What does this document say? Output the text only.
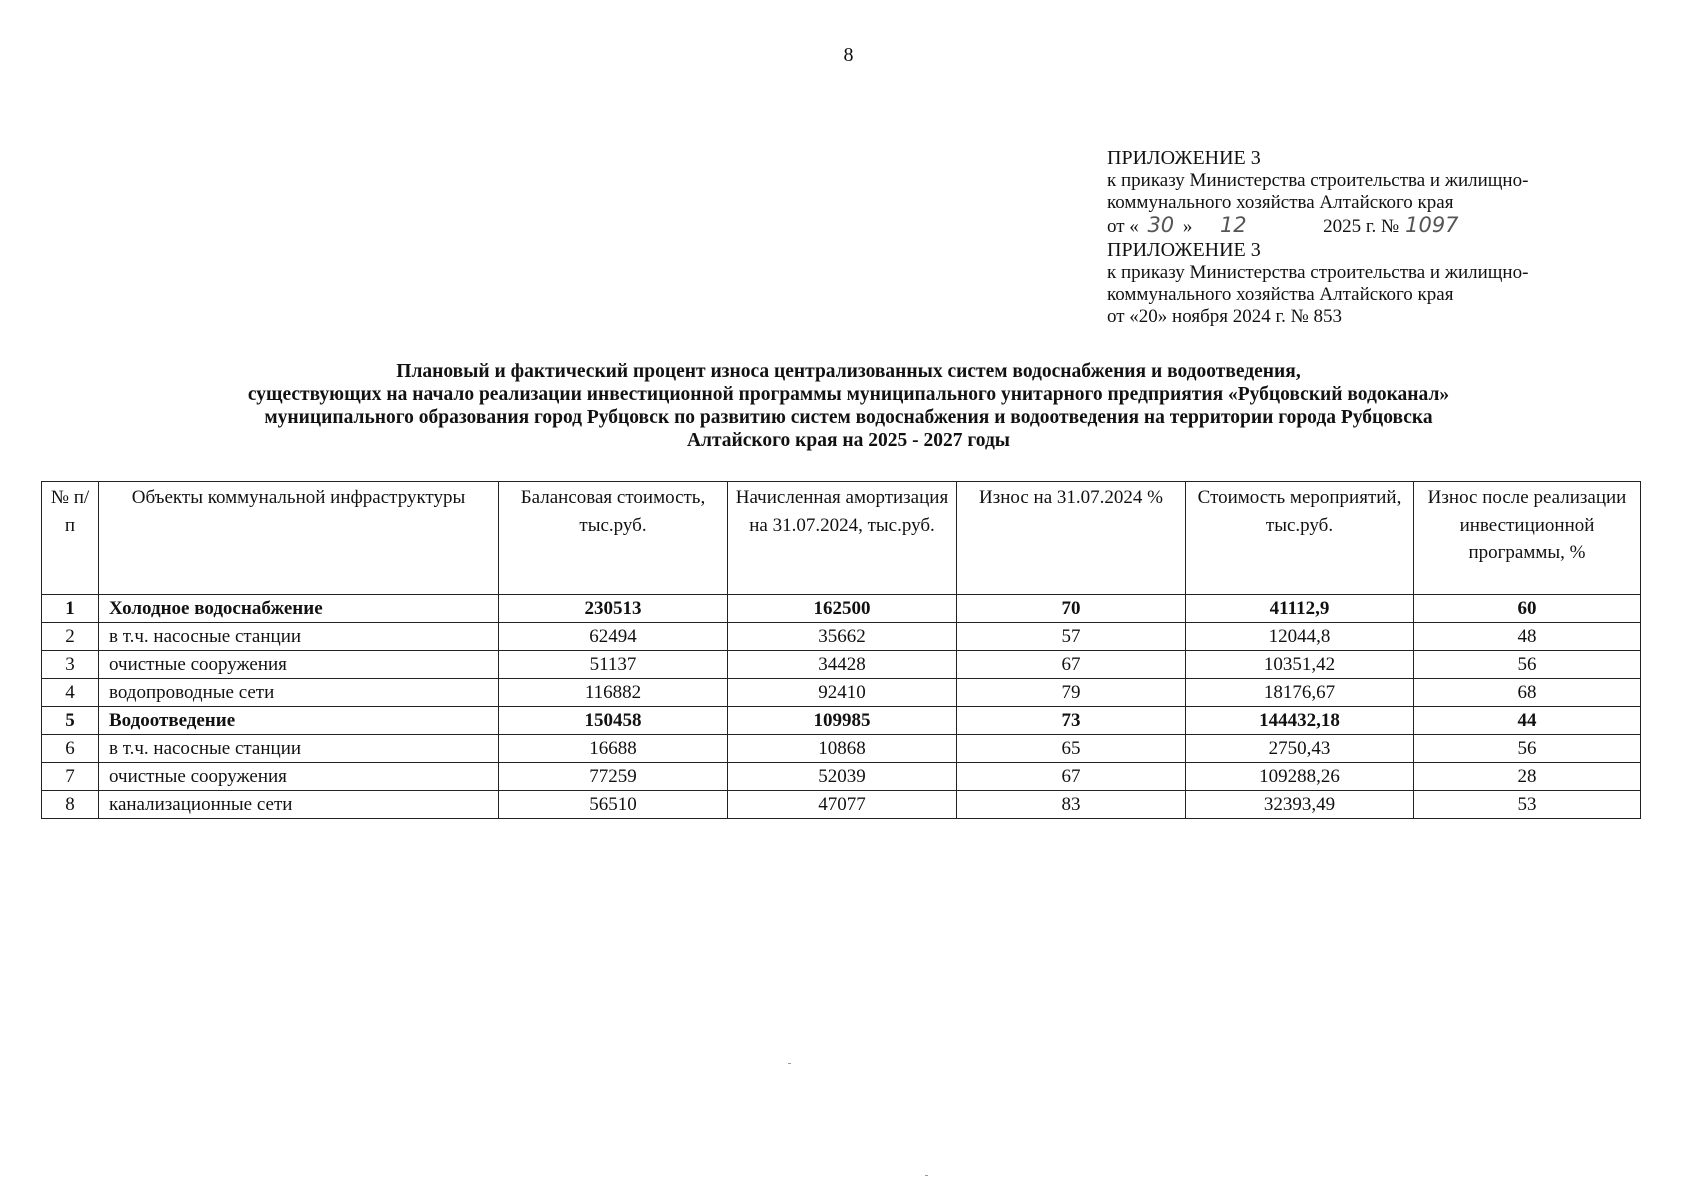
8
ПРИЛОЖЕНИЕ 3
к приказу Министерства строительства и жилищно-
коммунального хозяйства Алтайского края
от « 30 » 12	2025 г. № 1097
ПРИЛОЖЕНИЕ 3
к приказу Министерства строительства и жилищно-
коммунального хозяйства Алтайского края
от «20» ноября 2024 г. № 853
Плановый и фактический процент износа централизованных систем водоснабжения и водоотведения,
существующих на начало реализации инвестиционной программы муниципального унитарного предприятия «Рубцовский водоканал»
муниципального образования город Рубцовск по развитию систем водоснабжения и водоотведения на территории города Рубцовска
Алтайского края на 2025 - 2027 годы
№ п/п	Объекты коммунальной инфраструктуры	Балансовая стоимость, тыс.руб.	Начисленная амортизация на 31.07.2024, тыс.руб.	Износ на 31.07.2024 %	Стоимость мероприятий, тыс.руб.	Износ после реализации инвестиционной программы, %
1	Холодное водоснабжение	230513	162500	70	41112,9	60
2	в т.ч. насосные станции	62494	35662	57	12044,8	48
3	очистные сооружения	51137	34428	67	10351,42	56
4	водопроводные сети	116882	92410	79	18176,67	68
5	Водоотведение	150458	109985	73	144432,18	44
6	в т.ч. насосные станции	16688	10868	65	2750,43	56
7	очистные сооружения	77259	52039	67	109288,26	28
8	канализационные сети	56510	47077	83	32393,49	53
